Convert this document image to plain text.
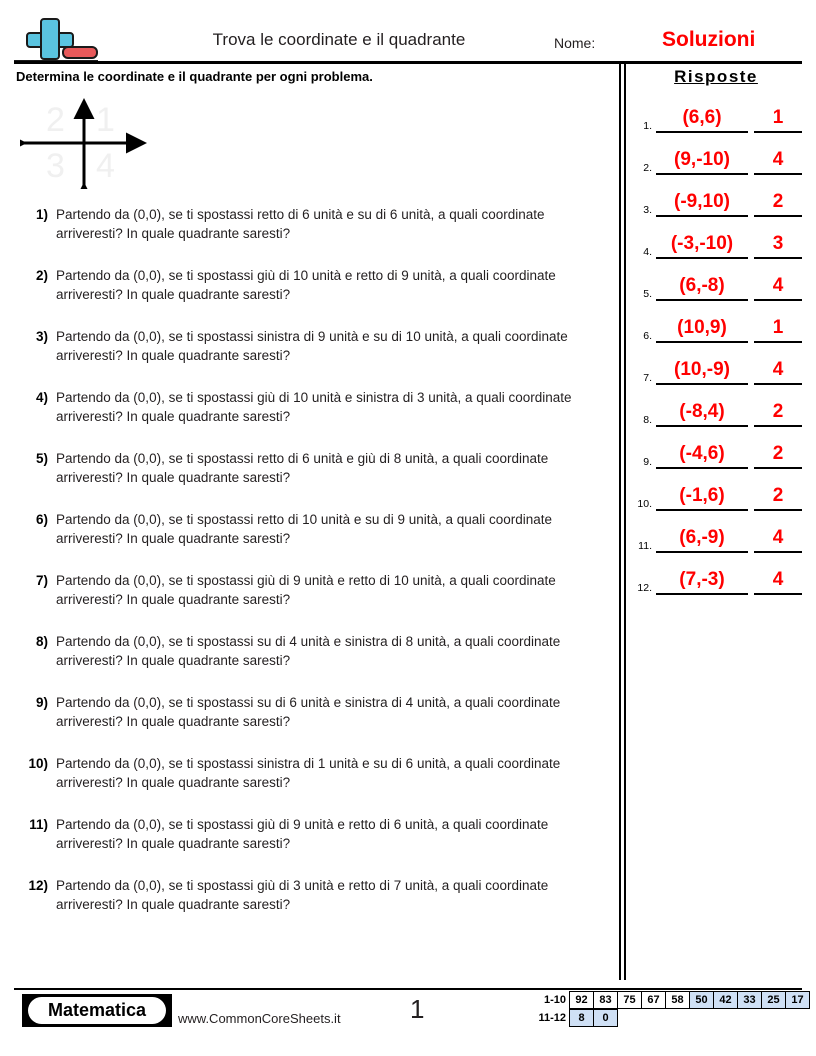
Trova le coordinate e il quadrante	Nome:	Soluzioni
Determina le coordinate e il quadrante per ogni problema.
2 1
3 4
1) Partendo da (0,0), se ti spostassi retto di 6 unità e su di 6 unità, a quali coordinate arriveresti? In quale quadrante saresti?
2) Partendo da (0,0), se ti spostassi giù di 10 unità e retto di 9 unità, a quali coordinate arriveresti? In quale quadrante saresti?
3) Partendo da (0,0), se ti spostassi sinistra di 9 unità e su di 10 unità, a quali coordinate arriveresti? In quale quadrante saresti?
4) Partendo da (0,0), se ti spostassi giù di 10 unità e sinistra di 3 unità, a quali coordinate arriveresti? In quale quadrante saresti?
5) Partendo da (0,0), se ti spostassi retto di 6 unità e giù di 8 unità, a quali coordinate arriveresti? In quale quadrante saresti?
6) Partendo da (0,0), se ti spostassi retto di 10 unità e su di 9 unità, a quali coordinate arriveresti? In quale quadrante saresti?
7) Partendo da (0,0), se ti spostassi giù di 9 unità e retto di 10 unità, a quali coordinate arriveresti? In quale quadrante saresti?
8) Partendo da (0,0), se ti spostassi su di 4 unità e sinistra di 8 unità, a quali coordinate arriveresti? In quale quadrante saresti?
9) Partendo da (0,0), se ti spostassi su di 6 unità e sinistra di 4 unità, a quali coordinate arriveresti? In quale quadrante saresti?
10) Partendo da (0,0), se ti spostassi sinistra di 1 unità e su di 6 unità, a quali coordinate arriveresti? In quale quadrante saresti?
11) Partendo da (0,0), se ti spostassi giù di 9 unità e retto di 6 unità, a quali coordinate arriveresti? In quale quadrante saresti?
12) Partendo da (0,0), se ti spostassi giù di 3 unità e retto di 7 unità, a quali coordinate arriveresti? In quale quadrante saresti?
Risposte
1.	(6,6)	1
2.	(9,-10)	4
3.	(-9,10)	2
4. (-3,-10)	3
5.	(6,-8)	4
6.	(10,9)	1
7.	(10,-9)	4
8.	(-8,4)	2
9.	(-4,6)	2
10.	(-1,6)	2
11.	(6,-9)	4
12.	(7,-3)	4
Matematica	www.CommonCoreSheets.it	1	1-10 92	83	75	67	58	50	42	33	25	17
11-12	8	0
